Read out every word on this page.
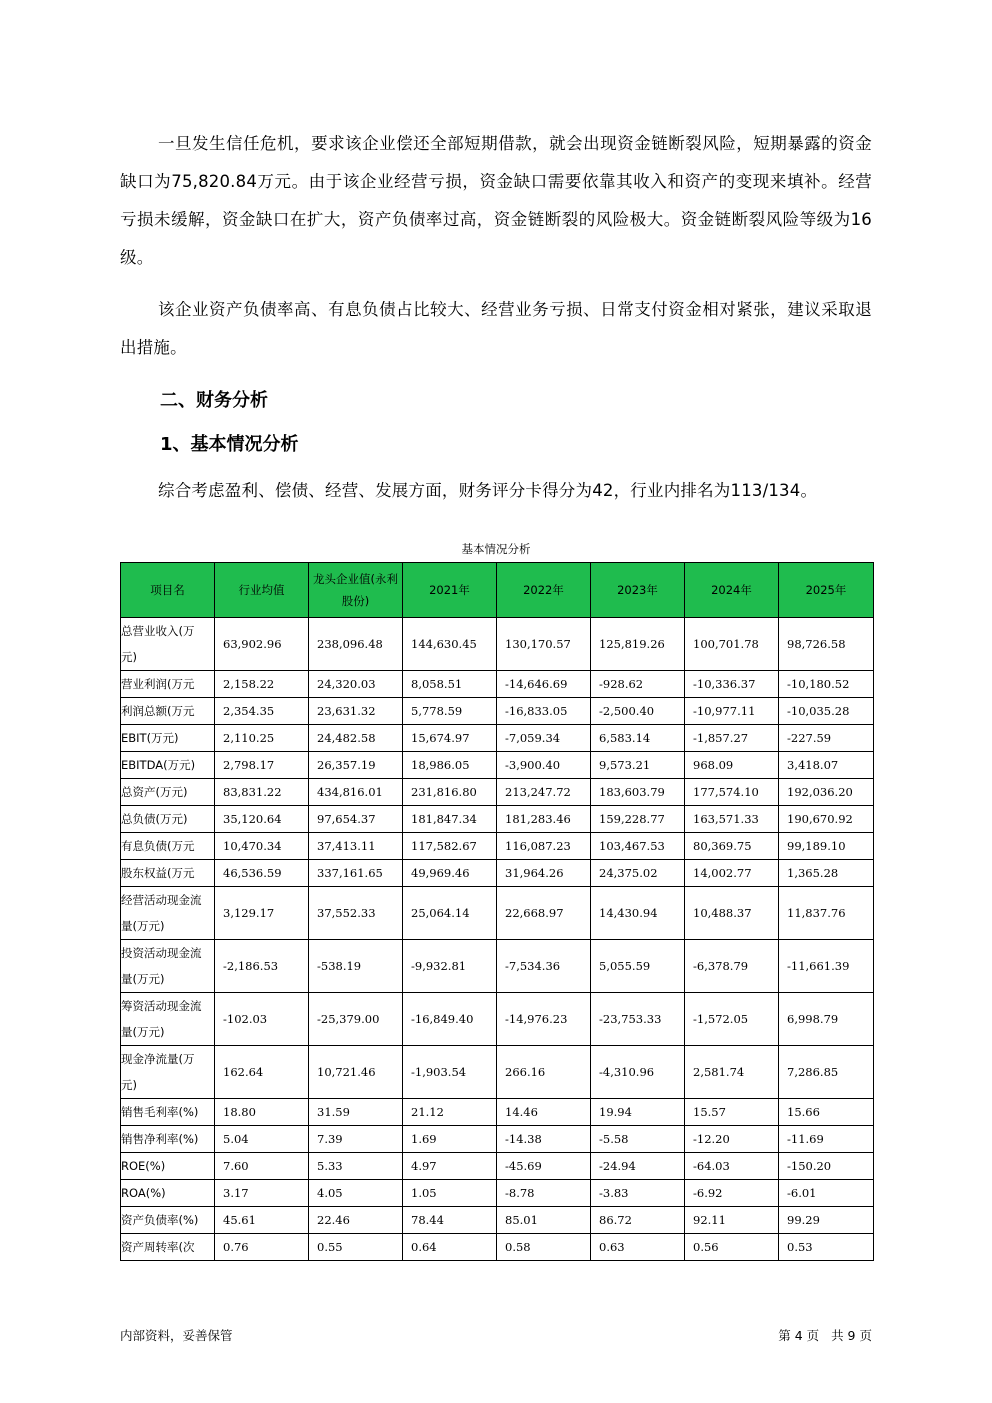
一旦发生信任危机，要求该企业偿还全部短期借款，就会出现资金链断裂风险，短期暴露的资金缺口为75,820.84万元。由于该企业经营亏损，资金缺口需要依靠其收入和资产的变现来填补。经营亏损未缓解，资金缺口在扩大，资产负债率过高，资金链断裂的风险极大。资金链断裂风险等级为16级。

该企业资产负债率高、有息负债占比较大、经营业务亏损、日常支付资金相对紧张，建议采取退出措施。

二、财务分析
1、基本情况分析

综合考虑盈利、偿债、经营、发展方面，财务评分卡得分为42，行业内排名为113/134。

基本情况分析
项目名	行业均值	龙头企业值(永利股份)	2021年	2022年	2023年	2024年	2025年
总营业收入(万元)	63,902.96	238,096.48	144,630.45	130,170.57	125,819.26	100,701.78	98,726.58
营业利润(万元	2,158.22	24,320.03	8,058.51	-14,646.69	-928.62	-10,336.37	-10,180.52
利润总额(万元	2,354.35	23,631.32	5,778.59	-16,833.05	-2,500.40	-10,977.11	-10,035.28
EBIT(万元)	2,110.25	24,482.58	15,674.97	-7,059.34	6,583.14	-1,857.27	-227.59
EBITDA(万元)	2,798.17	26,357.19	18,986.05	-3,900.40	9,573.21	968.09	3,418.07
总资产(万元)	83,831.22	434,816.01	231,816.80	213,247.72	183,603.79	177,574.10	192,036.20
总负债(万元)	35,120.64	97,654.37	181,847.34	181,283.46	159,228.77	163,571.33	190,670.92
有息负债(万元	10,470.34	37,413.11	117,582.67	116,087.23	103,467.53	80,369.75	99,189.10
股东权益(万元	46,536.59	337,161.65	49,969.46	31,964.26	24,375.02	14,002.77	1,365.28
经营活动现金流量(万元)	3,129.17	37,552.33	25,064.14	22,668.97	14,430.94	10,488.37	11,837.76
投资活动现金流量(万元)	-2,186.53	-538.19	-9,932.81	-7,534.36	5,055.59	-6,378.79	-11,661.39
筹资活动现金流量(万元)	-102.03	-25,379.00	-16,849.40	-14,976.23	-23,753.33	-1,572.05	6,998.79
现金净流量(万元)	162.64	10,721.46	-1,903.54	266.16	-4,310.96	2,581.74	7,286.85
销售毛利率(%)	18.80	31.59	21.12	14.46	19.94	15.57	15.66
销售净利率(%)	5.04	7.39	1.69	-14.38	-5.58	-12.20	-11.69
ROE(%)	7.60	5.33	4.97	-45.69	-24.94	-64.03	-150.20
ROA(%)	3.17	4.05	1.05	-8.78	-3.83	-6.92	-6.01
资产负债率(%)	45.61	22.46	78.44	85.01	86.72	92.11	99.29
资产周转率(次	0.76	0.55	0.64	0.58	0.63	0.56	0.53
内部资料，妥善保管	第 4 页   共 9 页
